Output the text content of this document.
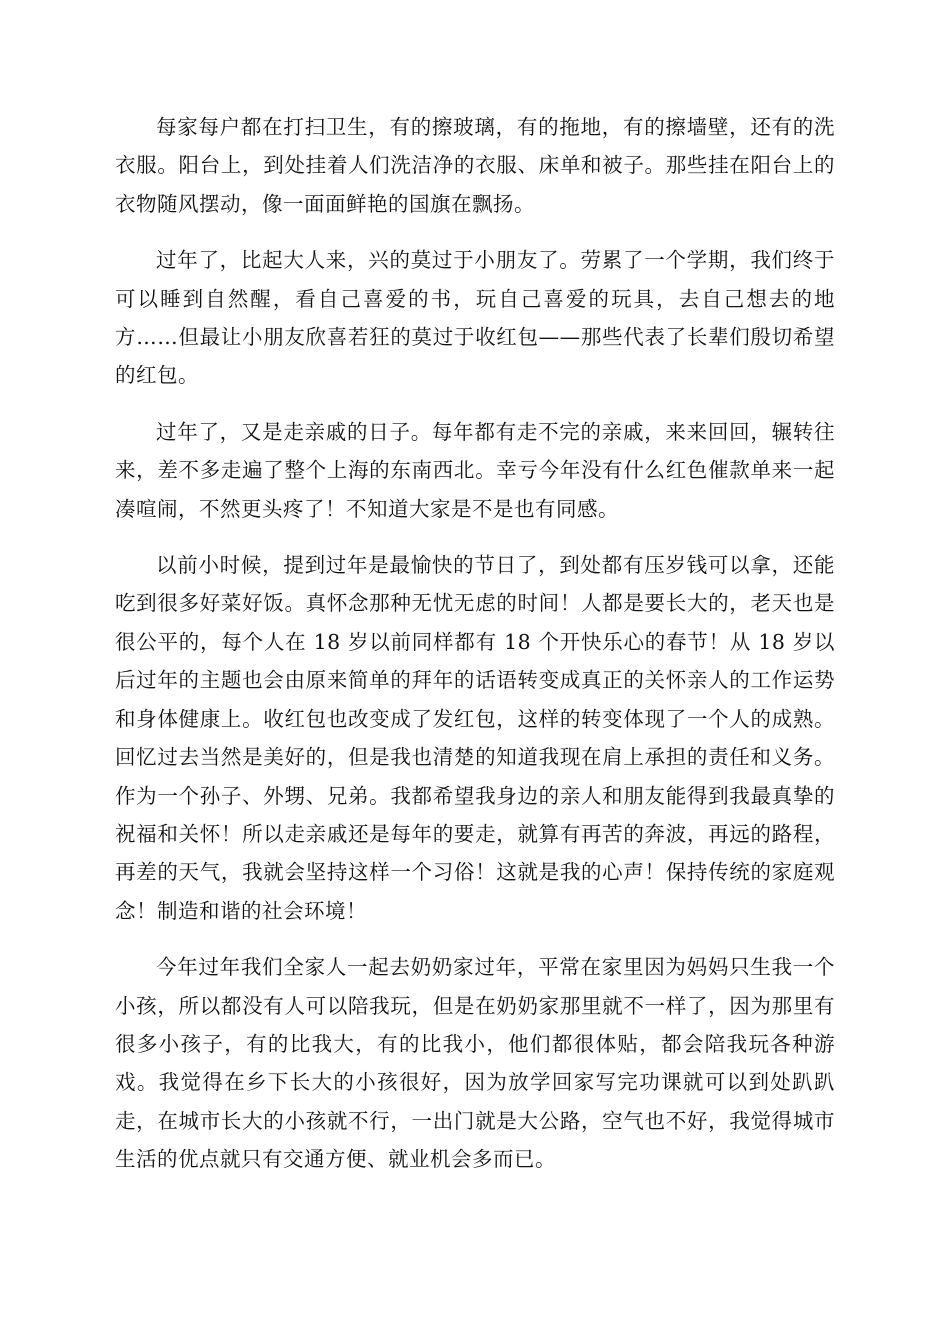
每家每户都在打扫卫生，有的擦玻璃，有的拖地，有的擦墙壁，还有的洗衣服。阳台上，到处挂着人们洗洁净的衣服、床单和被子。那些挂在阳台上的衣物随风摆动，像一面面鲜艳的国旗在飘扬。

过年了，比起大人来，兴的莫过于小朋友了。劳累了一个学期，我们终于可以睡到自然醒，看自己喜爱的书，玩自己喜爱的玩具，去自己想去的地方……但最让小朋友欣喜若狂的莫过于收红包——那些代表了长辈们殷切希望的红包。

过年了，又是走亲戚的日子。每年都有走不完的亲戚，来来回回，辗转往来，差不多走遍了整个上海的东南西北。幸亏今年没有什么红色催款单来一起凑喧闹，不然更头疼了！不知道大家是不是也有同感。

以前小时候，提到过年是最愉快的节日了，到处都有压岁钱可以拿，还能吃到很多好菜好饭。真怀念那种无忧无虑的时间！人都是要长大的，老天也是很公平的，每个人在 18 岁以前同样都有 18 个开快乐心的春节！从 18 岁以后过年的主题也会由原来简单的拜年的话语转变成真正的关怀亲人的工作运势和身体健康上。收红包也改变成了发红包，这样的转变体现了一个人的成熟。回忆过去当然是美好的，但是我也清楚的知道我现在肩上承担的责任和义务。作为一个孙子、外甥、兄弟。我都希望我身边的亲人和朋友能得到我最真挚的祝福和关怀！所以走亲戚还是每年的要走，就算有再苦的奔波，再远的路程，再差的天气，我就会坚持这样一个习俗！这就是我的心声！保持传统的家庭观念！制造和谐的社会环境！

今年过年我们全家人一起去奶奶家过年，平常在家里因为妈妈只生我一个小孩，所以都没有人可以陪我玩，但是在奶奶家那里就不一样了，因为那里有很多小孩子，有的比我大，有的比我小，他们都很体贴，都会陪我玩各种游戏。我觉得在乡下长大的小孩很好，因为放学回家写完功课就可以到处趴趴走，在城市长大的小孩就不行，一出门就是大公路，空气也不好，我觉得城市生活的优点就只有交通方便、就业机会多而已。
